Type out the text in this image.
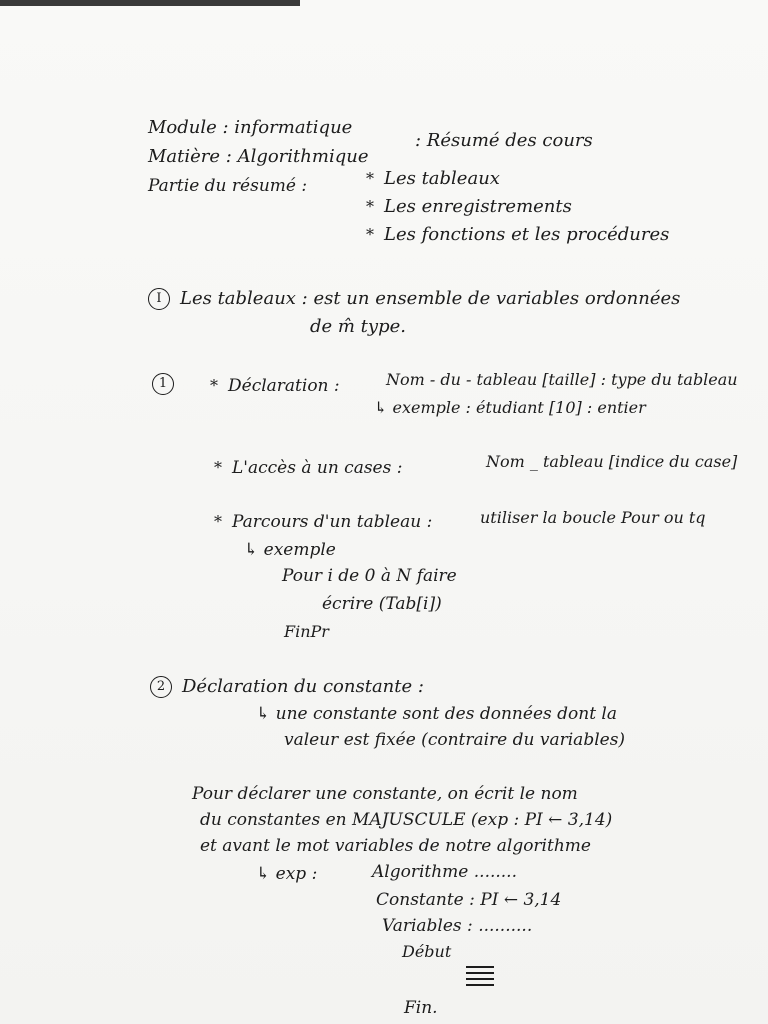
Module : informatique
Matière : Algorithmique
: Résumé des cours
Partie du résumé :	* Les tableaux
* Les enregistrements
* Les fonctions et les procédures
I Les tableaux : est un ensemble de variables ordonnées
de m̂ type.
1	* Déclaration :	Nom - du - tableau [taille] : type du tableau
↳ exemple : étudiant [10] : entier
* L'accès à un cases :	Nom _ tableau [indice du case]
* Parcours d'un tableau :	utiliser la boucle Pour ou tq
↳ exemple
Pour i de 0 à N faire
écrire (Tab[i])
FinPr
2 Déclaration du constante :
↳ une constante sont des données dont la
valeur est fixée (contraire du variables)
Pour déclarer une constante, on écrit le nom
du constantes en MAJUSCULE (exp : PI ← 3,14)
et avant le mot variables de notre algorithme
↳ exp :	Algorithme ........
Constante : PI ← 3,14
Variables : ..........
Début
Fin.
